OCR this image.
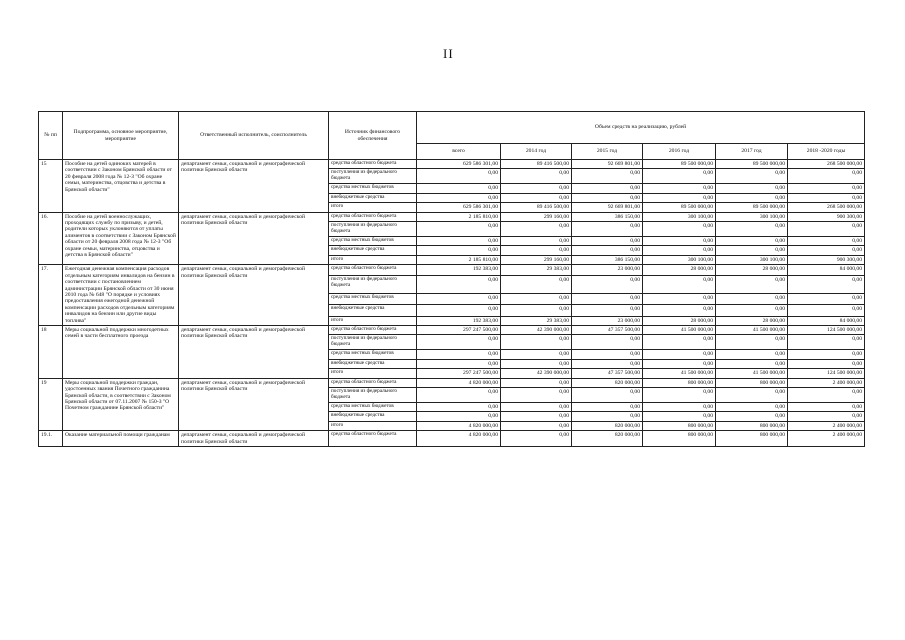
II
№ пп	Подпрограмма, основное мероприятие, мероприятие	Ответственный исполнитель, соисполнитель	Источник финансового обеспечения	Объем средств на реализацию, рублей					
				всего	2014 год	2015 год	2016 год	2017 год	2018 -2020 годы
15	Пособие на детей одиноких матерей в соответствии с Законом Брянской области от 20 февраля 2008 года № 12-З "Об охране семьи, материнства, отцовства и детства в Брянской области"	департамент семьи, социальной и демографической политики Брянской области	средства областного бюджета	629 586 301,00	89 416 500,00	92 669 801,00	89 500 000,00	89 500 000,00	268 500 000,00
			поступления из федерального бюджета	0,00	0,00	0,00	0,00	0,00	0,00
			средства местных бюджетов	0,00	0,00	0,00	0,00	0,00	0,00
			внебюджетные средства	0,00	0,00	0,00	0,00	0,00	0,00
			итого	629 586 301,00	89 416 500,00	92 669 801,00	89 500 000,00	89 500 000,00	268 500 000,00
16.	Пособие на детей военнослужащих, проходящих службу по призыву, и детей, родители которых уклоняются от уплаты алиментов в соответствии с Законом Брянской области от 20 февраля 2008 года № 12-З "Об охране семьи, материнства, отцовства и детства в Брянской области"	департамент семьи, социальной и демографической политики Брянской области	средства областного бюджета	2 185 810,00	299 160,00	386 150,00	300 100,00	300 100,00	900 300,00
			поступления из федерального бюджета	0,00	0,00	0,00	0,00	0,00	0,00
			средства местных бюджетов	0,00	0,00	0,00	0,00	0,00	0,00
			внебюджетные средства	0,00	0,00	0,00	0,00	0,00	0,00
			итого	2 185 810,00	299 160,00	386 150,00	300 100,00	300 100,00	900 300,00
17.	Ежегодная денежная компенсация расходов отдельным категориям инвалидов на бензин в соответствии с постановлением администрации Брянской области от 30 июня 2010 года № 648 "О порядке и условиях предоставления ежегодной денежной компенсации расходов отдельным категориям инвалидов на бензин или другие виды топлива"	департамент семьи, социальной и демографической политики Брянской области	средства областного бюджета	192 383,00	29 383,00	23 000,00	28 000,00	28 000,00	84 000,00
			поступления из федерального бюджета	0,00	0,00	0,00	0,00	0,00	0,00
			средства местных бюджетов	0,00	0,00	0,00	0,00	0,00	0,00
			внебюджетные средства	0,00	0,00	0,00	0,00	0,00	0,00
			итого	192 383,00	29 383,00	23 000,00	28 000,00	28 000,00	84 000,00
18	Меры социальной поддержки многодетных семей в части бесплатного проезда	департамент семьи, социальной и демографической политики Брянской области	средства областного бюджета	297 247 500,00	42 390 000,00	47 357 500,00	41 500 000,00	41 500 000,00	124 500 000,00
			поступления из федерального бюджета	0,00	0,00	0,00	0,00	0,00	0,00
			средства местных бюджетов	0,00	0,00	0,00	0,00	0,00	0,00
			внебюджетные средства	0,00	0,00	0,00	0,00	0,00	0,00
			итого	297 247 500,00	42 390 000,00	47 357 500,00	41 500 000,00	41 500 000,00	124 500 000,00
19	Меры социальной поддержки граждан, удостоенных звания Почетного гражданина Брянской области, в соответствии с Законом Брянской области от 07.11.2007 № 150-З "О Почетном гражданине Брянской области"	департамент семьи, социальной и демографической политики Брянской области	средства областного бюджета	4 820 000,00	0,00	820 000,00	800 000,00	800 000,00	2 400 000,00
			поступления из федерального бюджета	0,00	0,00	0,00	0,00	0,00	0,00
			средства местных бюджетов	0,00	0,00	0,00	0,00	0,00	0,00
			внебюджетные средства	0,00	0,00	0,00	0,00	0,00	0,00
			итого	4 820 000,00	0,00	820 000,00	800 000,00	800 000,00	2 400 000,00
19.1.	Оказание материальной помощи гражданам	департамент семьи, социальной и демографической политики Брянской области	средства областного бюджета	4 820 000,00	0,00	820 000,00	800 000,00	800 000,00	2 400 000,00
